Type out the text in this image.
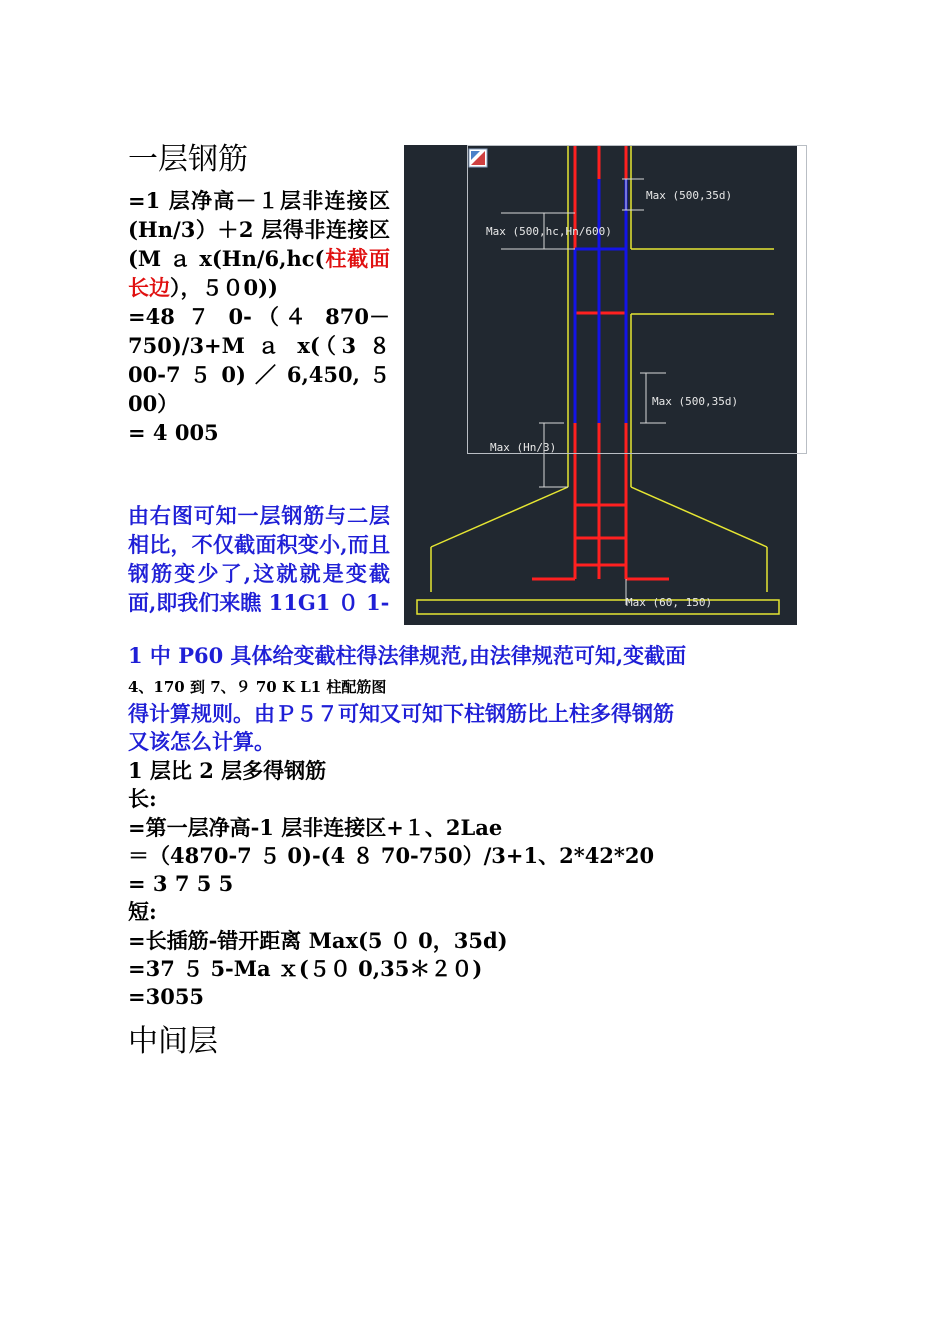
一层钢筋
中间层
=1 层净高－１层非连接区(Hn/3）＋2 层得非连接区(M ａ x(Hn/6,hc(柱截面长边），５０0))
=48 ７ 0-（４ 870－750)/3+M ａ x(（3 ８00-7 ５ 0) ／ 6,450, ５00）
= 4 005
由右图可知一层钢筋与二层相比，不仅截面积变小,而且钢筋变少了,这就就是变截面,即我们来瞧 11G1 ０ 1-
1 中 P60 具体给变截柱得法律规范,由法律规范可知,变截面
4、170 到 7、９ 70 K L1 柱配筋图
得计算规则。由Ｐ５７可知又可知下柱钢筋比上柱多得钢筋
又该怎么计算。
1 层比 2 层多得钢筋
长:
=第一层净高-1 层非连接区+１、2Lae
＝（4870-7 ５ 0)-(4 ８ 70-750）/3+1、2*42*20
= 3 7 5 5
短:
=长插筋-错开距离 Max(5 ０ 0，35d)
=37 ５ 5-Ma ｘ(５０ 0,35＊２０)
=3055
Max (500,35d)
Max (500,hc,Hn/600)
Max (500,35d)
Max (Hn/3)
Max (60, 150)
